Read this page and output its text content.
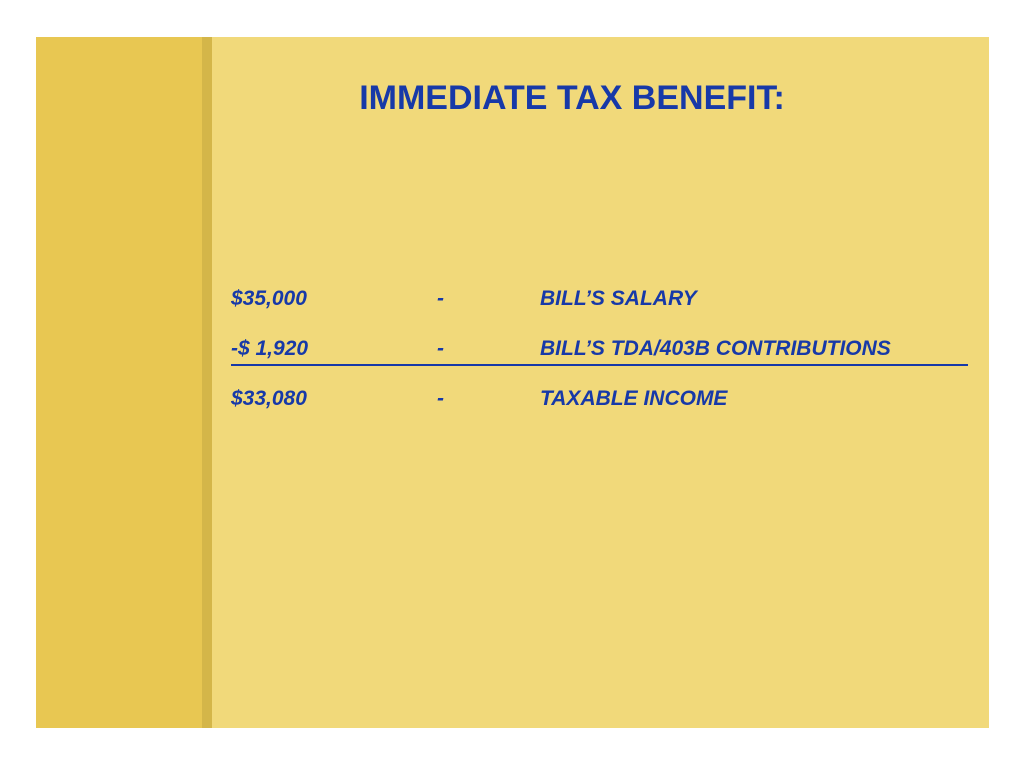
IMMEDIATE TAX BENEFIT:
$35,000	-	BILL’S SALARY
-$ 1,920	-	BILL’S TDA/403B CONTRIBUTIONS
$33,080	-	TAXABLE INCOME
